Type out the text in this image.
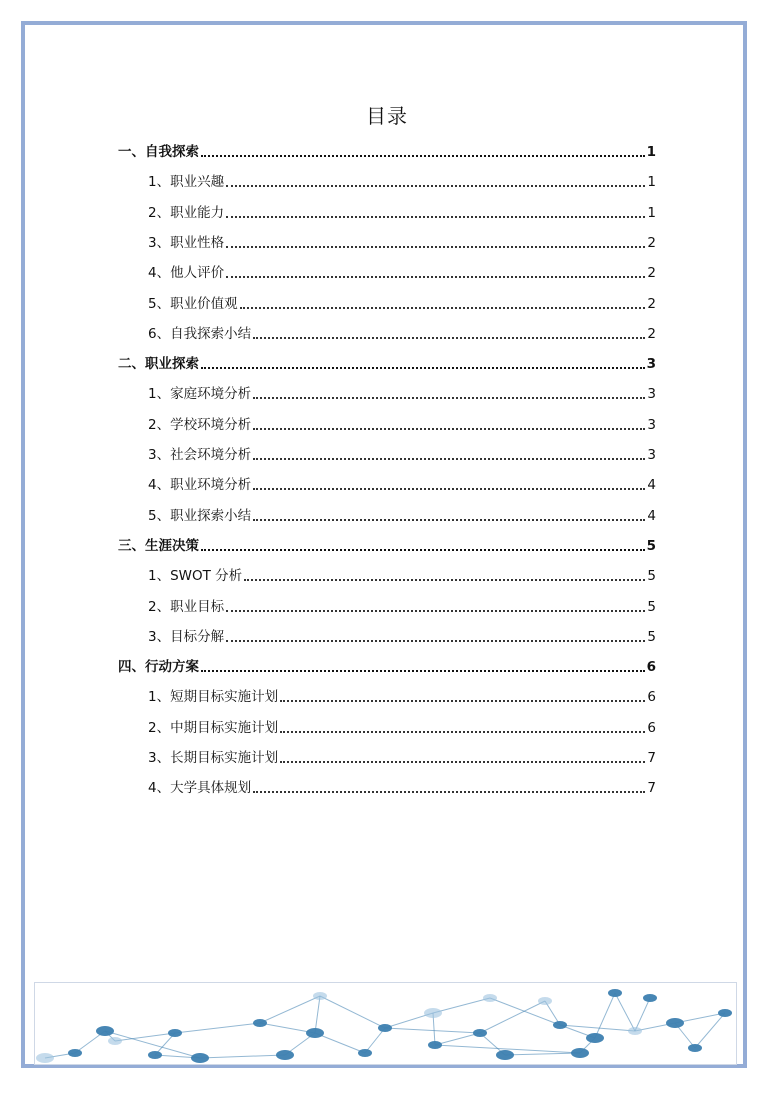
目录
一、自我探索	1
1、职业兴趣	1
2、职业能力	1
3、职业性格	2
4、他人评价	2
5、职业价值观	2
6、自我探索小结	2
二、职业探索	3
1、家庭环境分析	3
2、学校环境分析	3
3、社会环境分析	3
4、职业环境分析	4
5、职业探索小结	4
三、生涯决策	5
1、SWOT 分析	5
2、职业目标	5
3、目标分解	5
四、行动方案	6
1、短期目标实施计划	6
2、中期目标实施计划	6
3、长期目标实施计划	7
4、大学具体规划	7
